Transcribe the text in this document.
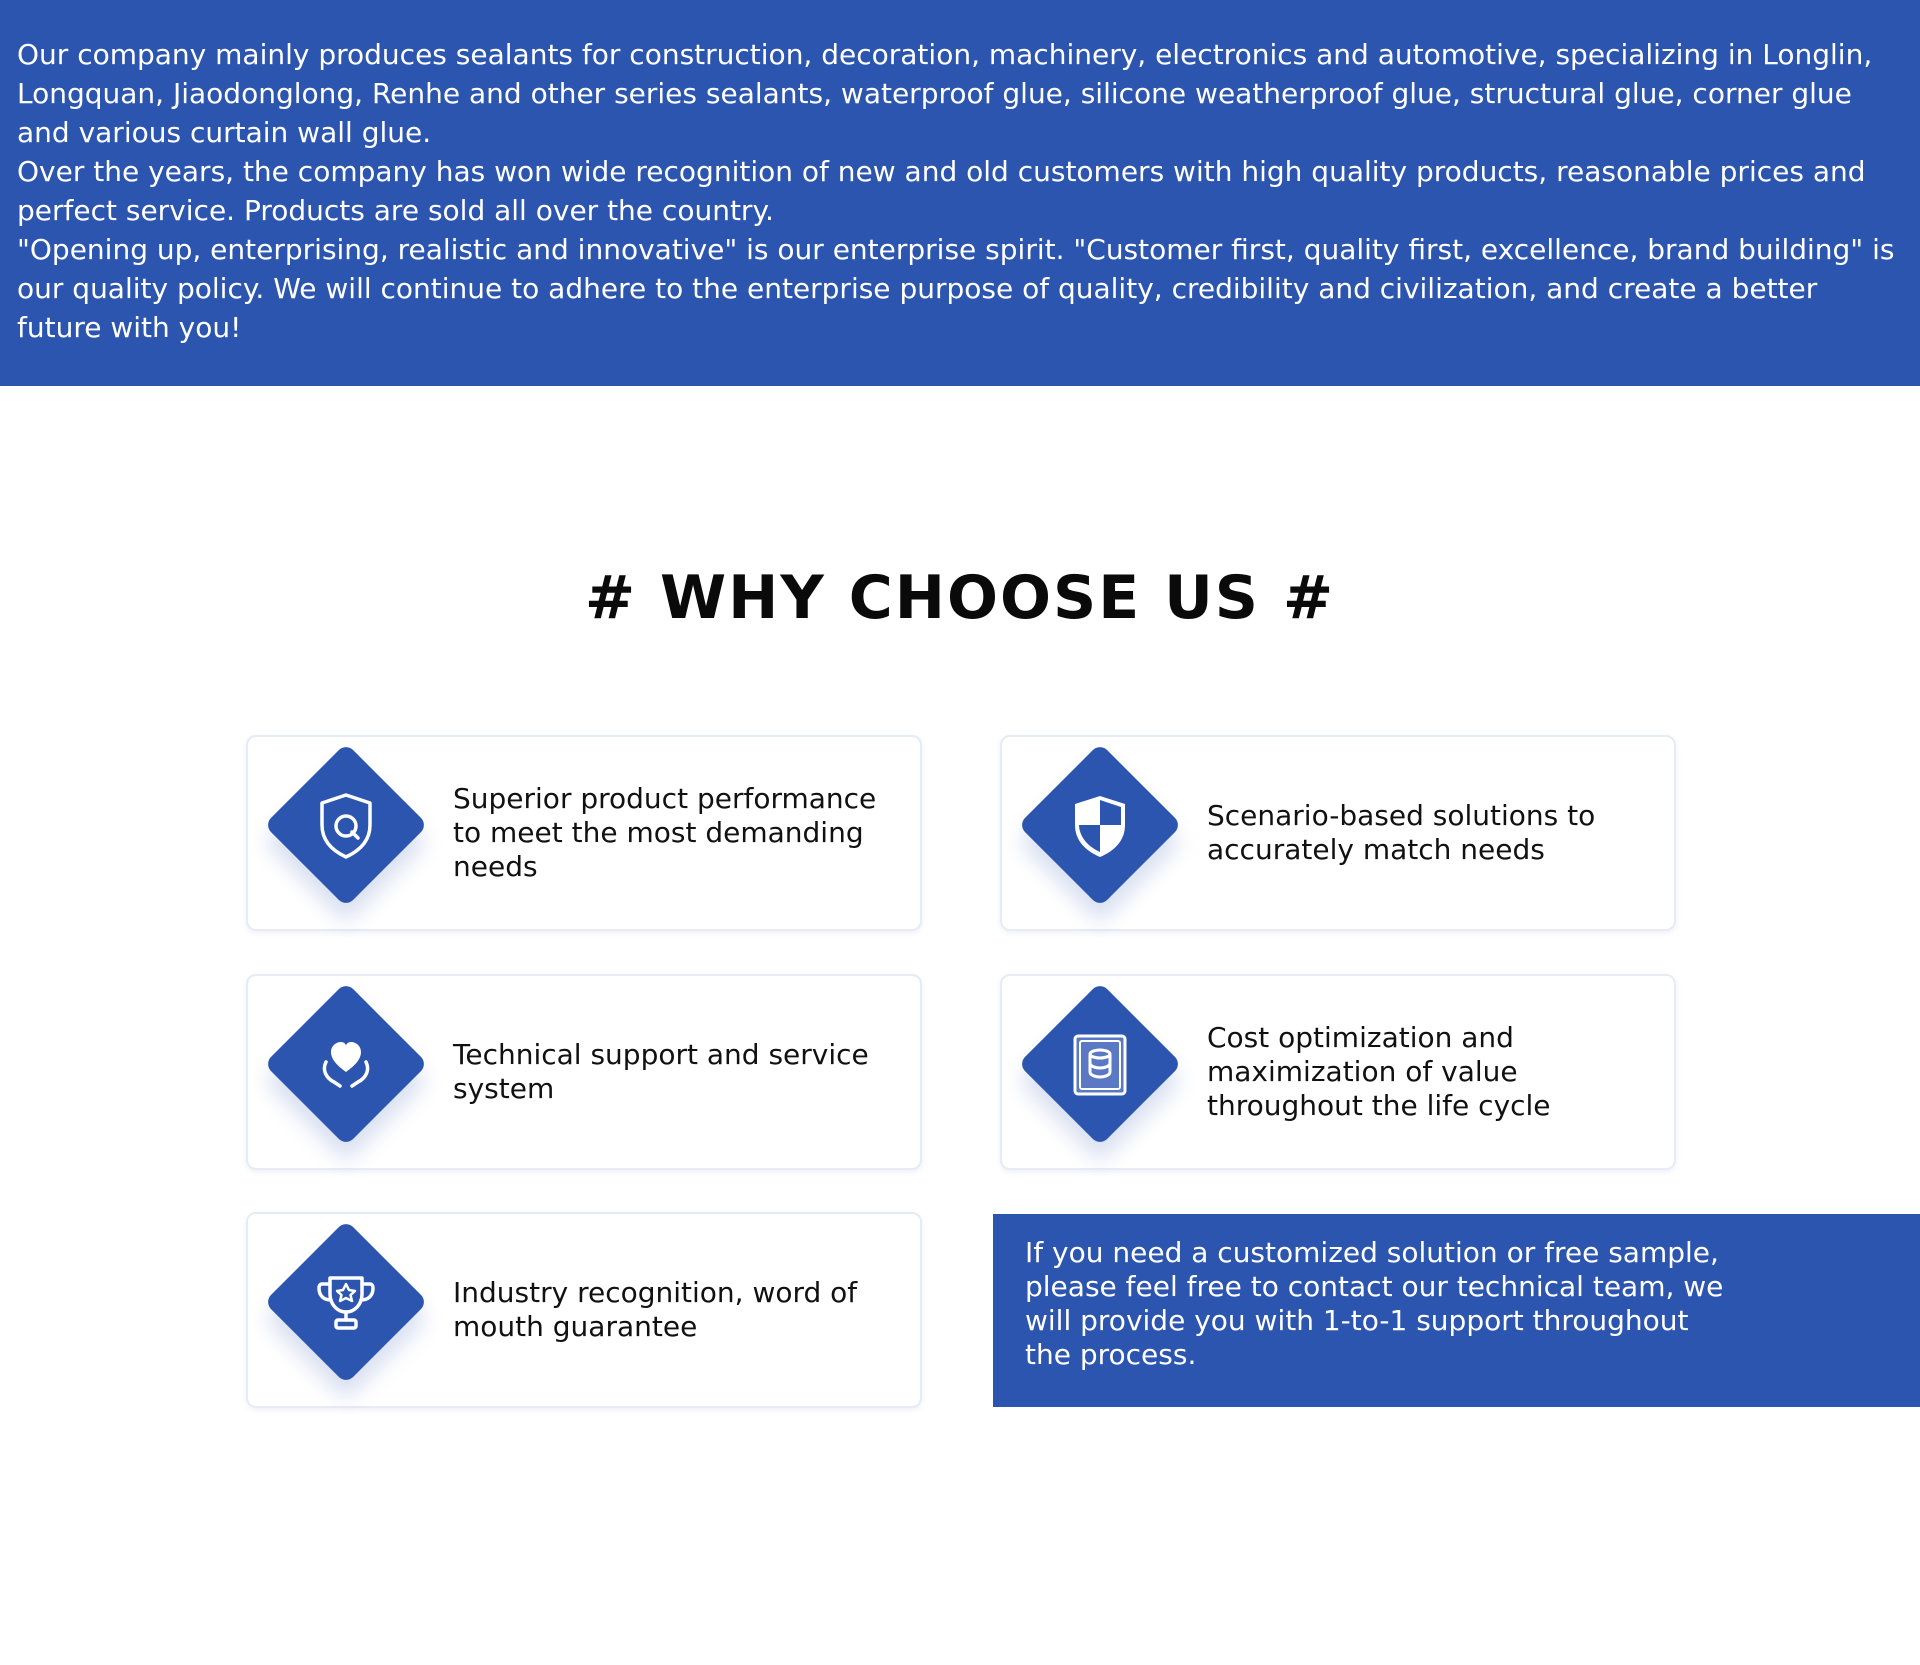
Our company mainly produces sealants for construction, decoration, machinery, electronics and automotive, specializing in Longlin, Longquan, Jiaodonglong, Renhe and other series sealants, waterproof glue, silicone weatherproof glue, structural glue, corner glue and various curtain wall glue.
Over the years, the company has won wide recognition of new and old customers with high quality products, reasonable prices and perfect service. Products are sold all over the country.
"Opening up, enterprising, realistic and innovative" is our enterprise spirit. "Customer first, quality first, excellence, brand building" is our quality policy. We will continue to adhere to the enterprise purpose of quality, credibility and civilization, and create a better future with you!

# WHY CHOOSE US #

Superior product performance to meet the most demanding needs

Scenario-based solutions to accurately match needs

Technical support and service system

Cost optimization and maximization of value throughout the life cycle

Industry recognition, word of mouth guarantee

If you need a customized solution or free sample, please feel free to contact our technical team, we will provide you with 1-to-1 support throughout the process.
